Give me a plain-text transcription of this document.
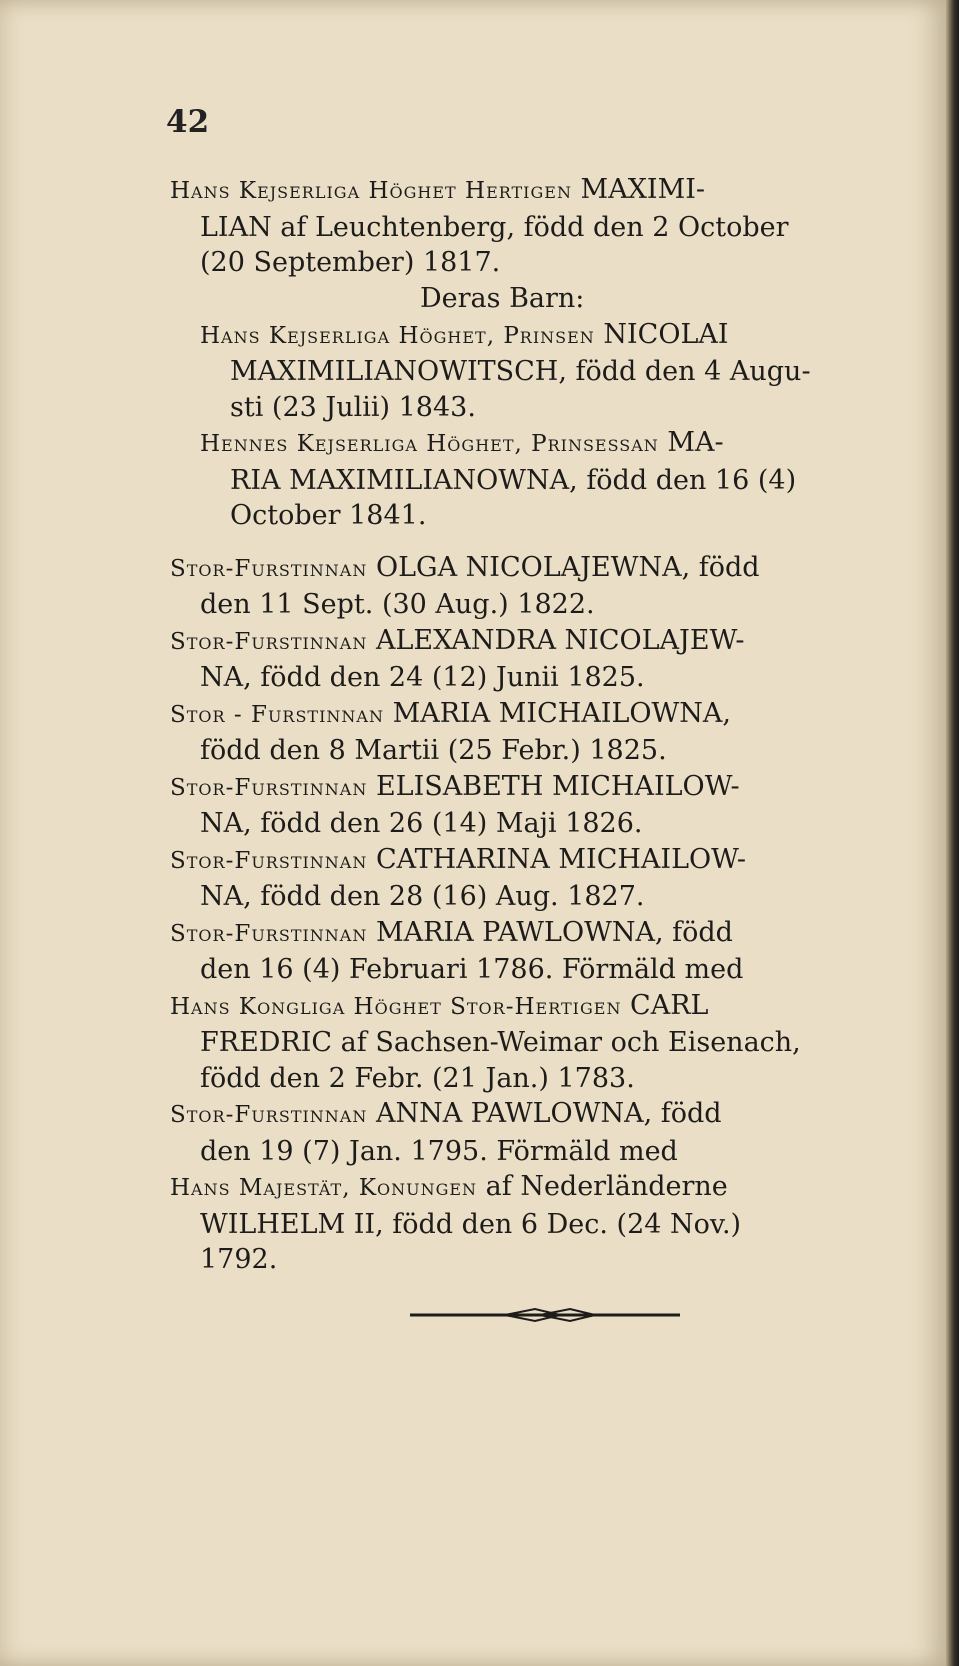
42
Hans Kejserliga Höghet Hertigen MAXIMI-
LIAN af Leuchtenberg, född den 2 October
(20 September) 1817.
Deras Barn:
Hans Kejserliga Höghet, Prinsen NICOLAI
MAXIMILIANOWITSCH, född den 4 Augu-
sti (23 Julii) 1843.
Hennes Kejserliga Höghet, Prinsessan MA-
RIA MAXIMILIANOWNA, född den 16 (4)
October 1841.
Stor-Furstinnan OLGA NICOLAJEWNA, född
den 11 Sept. (30 Aug.) 1822.
Stor-Furstinnan ALEXANDRA NICOLAJEW-
NA, född den 24 (12) Junii 1825.
Stor - Furstinnan MARIA MICHAILOWNA,
född den 8 Martii (25 Febr.) 1825.
Stor-Furstinnan ELISABETH MICHAILOW-
NA, född den 26 (14) Maji 1826.
Stor-Furstinnan CATHARINA MICHAILOW-
NA, född den 28 (16) Aug. 1827.
Stor-Furstinnan MARIA PAWLOWNA, född
den 16 (4) Februari 1786. Förmäld med
Hans Kongliga Höghet Stor-Hertigen CARL
FREDRIC af Sachsen-Weimar och Eisenach,
född den 2 Febr. (21 Jan.) 1783.
Stor-Furstinnan ANNA PAWLOWNA, född
den 19 (7) Jan. 1795. Förmäld med
Hans Majestät, Konungen af Nederländerne
WILHELM II, född den 6 Dec. (24 Nov.)
1792.
